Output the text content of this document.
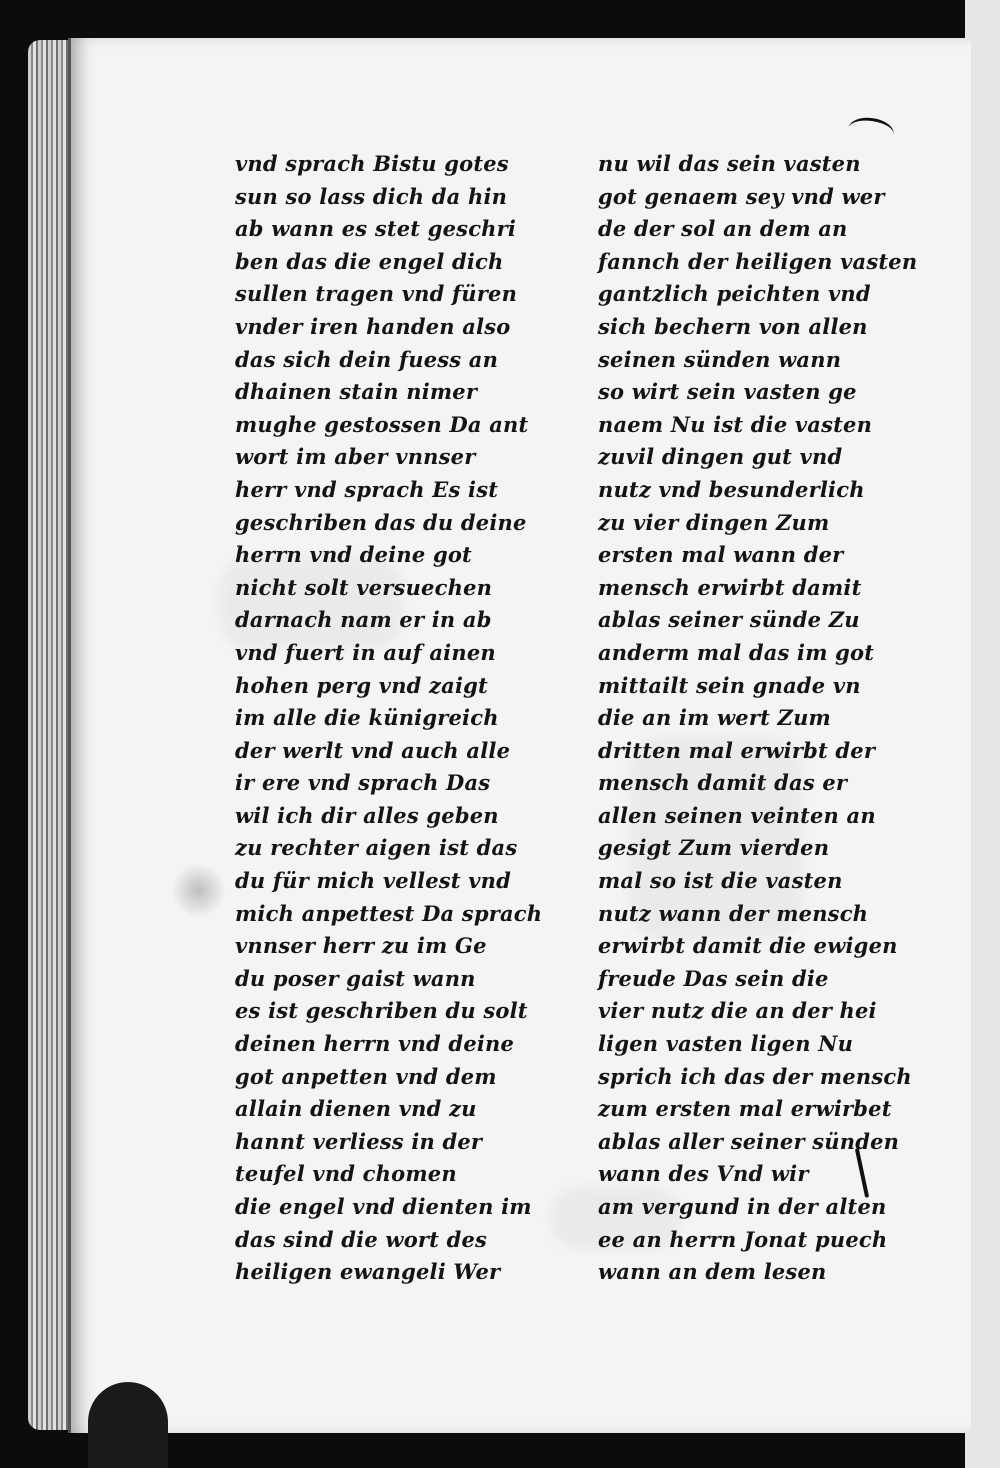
vnd sprach Bistu gotes
sun so lass dich da hin
ab wann es stet geschri
ben das die engel dich
sullen tragen vnd füren
vnder iren handen also
das sich dein fuess an
dhainen stain nimer
mughe gestossen Da ant
wort im aber vnnser
herr vnd sprach Es ist
geschriben das du deine
herrn vnd deine got
nicht solt versuechen
darnach nam er in ab
vnd fuert in auf ainen
hohen perg vnd zaigt
im alle die künigreich
der werlt vnd auch alle
ir ere vnd sprach Das
wil ich dir alles geben
zu rechter aigen ist das
du für mich vellest vnd
mich anpettest Da sprach
vnnser herr zu im Ge
du poser gaist wann
es ist geschriben du solt
deinen herrn vnd deine
got anpetten vnd dem
allain dienen vnd zu
hannt verliess in der
teufel vnd chomen
die engel vnd dienten im
das sind die wort des
heiligen ewangeli Wer
nu wil das sein vasten
got genaem sey vnd wer
de der sol an dem an
fannch der heiligen vasten
gantzlich peichten vnd
sich bechern von allen
seinen sünden wann
so wirt sein vasten ge
naem Nu ist die vasten
zuvil dingen gut vnd
nutz vnd besunderlich
zu vier dingen Zum
ersten mal wann der
mensch erwirbt damit
ablas seiner sünde Zu
anderm mal das im got
mittailt sein gnade vn
die an im wert Zum
dritten mal erwirbt der
mensch damit das er
allen seinen veinten an
gesigt Zum vierden
mal so ist die vasten
nutz wann der mensch
erwirbt damit die ewigen
freude Das sein die
vier nutz die an der hei
ligen vasten ligen Nu
sprich ich das der mensch
zum ersten mal erwirbet
ablas aller seiner sünden
wann des Vnd wir
am vergund in der alten
ee an herrn Jonat puech
wann an dem lesen
